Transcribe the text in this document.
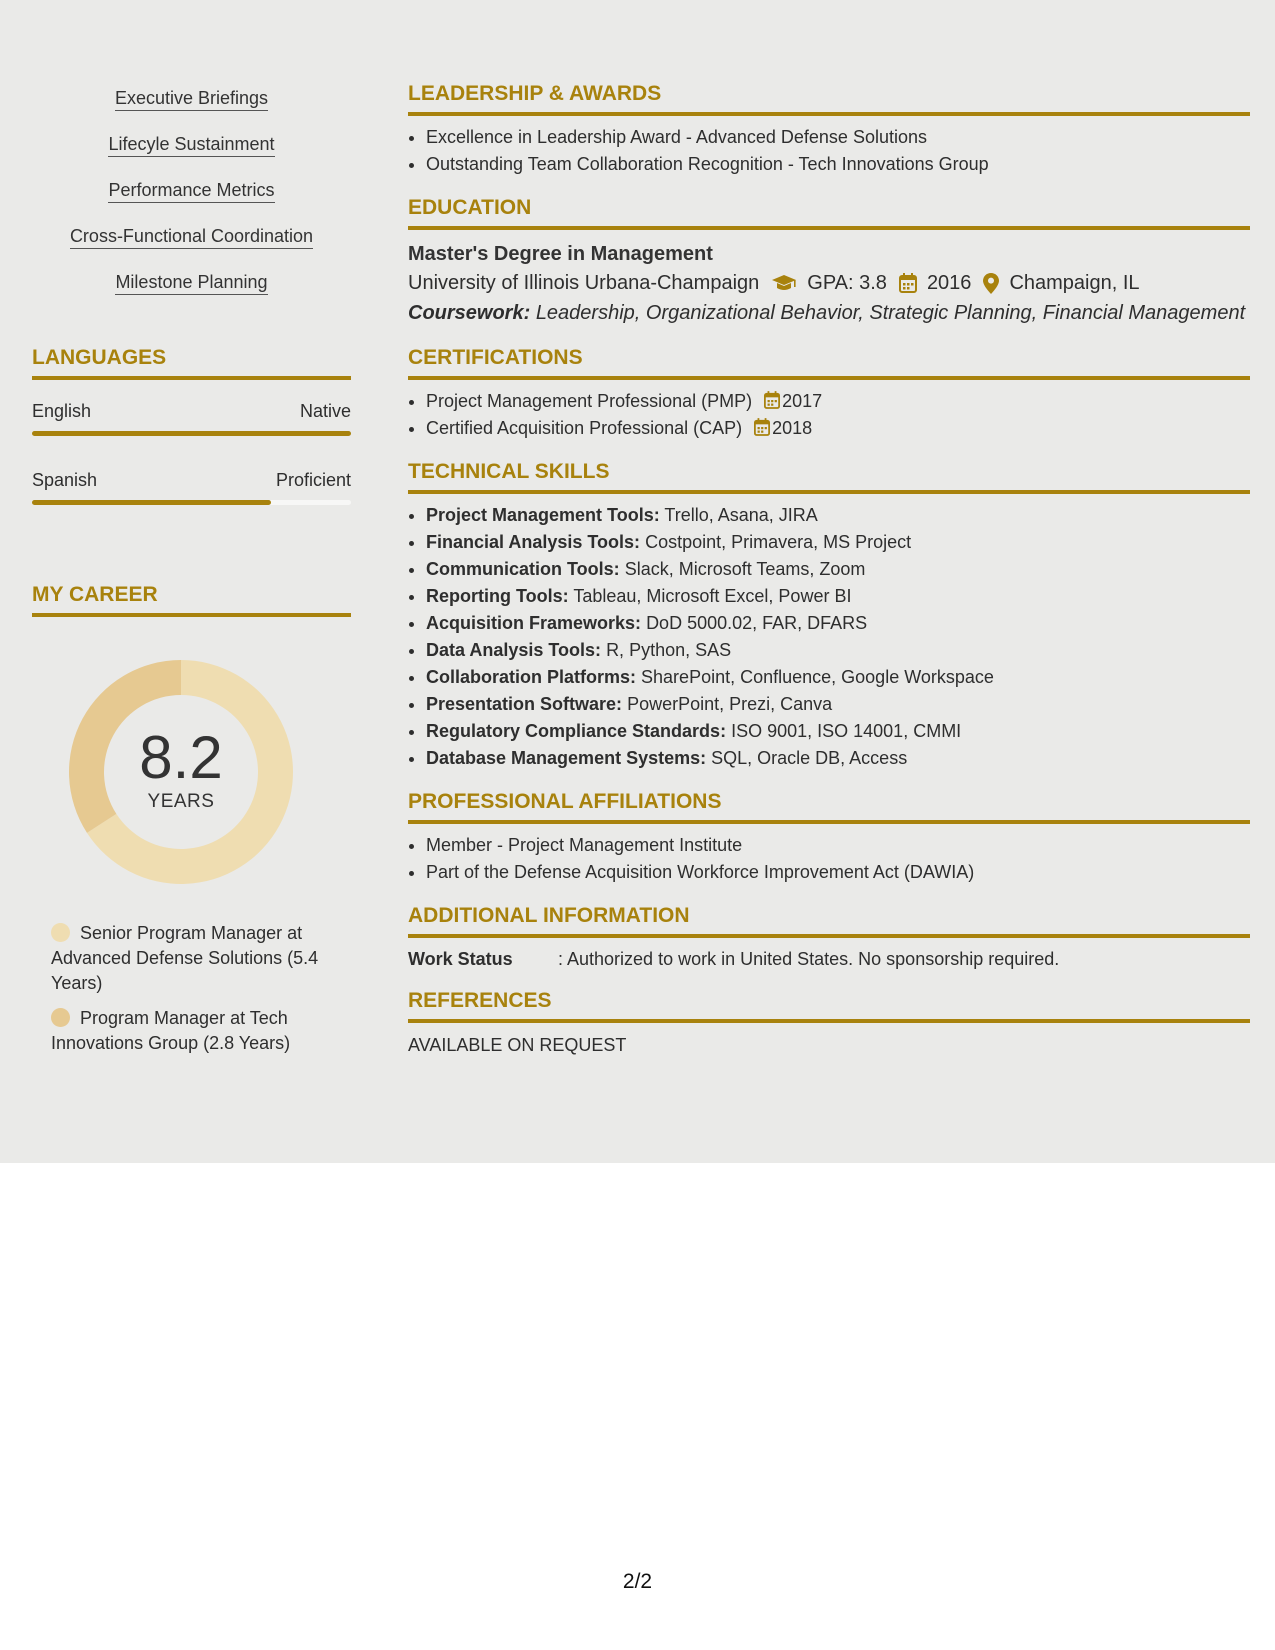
Executive Briefings
Lifecyle Sustainment
Performance Metrics
Cross-Functional Coordination
Milestone Planning
LANGUAGES
English	Native
Spanish	Proficient
MY CAREER
8.2
YEARS
Senior Program Manager at Advanced Defense Solutions (5.4 Years)
Program Manager at Tech Innovations Group (2.8 Years)
LEADERSHIP & AWARDS
• Excellence in Leadership Award - Advanced Defense Solutions
• Outstanding Team Collaboration Recognition - Tech Innovations Group
EDUCATION
Master's Degree in Management
University of Illinois Urbana-Champaign GPA: 3.8 2016 Champaign, IL
Coursework: Leadership, Organizational Behavior, Strategic Planning, Financial Management
CERTIFICATIONS
• Project Management Professional (PMP) 2017
• Certified Acquisition Professional (CAP) 2018
TECHNICAL SKILLS
• Project Management Tools: Trello, Asana, JIRA
• Financial Analysis Tools: Costpoint, Primavera, MS Project
• Communication Tools: Slack, Microsoft Teams, Zoom
• Reporting Tools: Tableau, Microsoft Excel, Power BI
• Acquisition Frameworks: DoD 5000.02, FAR, DFARS
• Data Analysis Tools: R, Python, SAS
• Collaboration Platforms: SharePoint, Confluence, Google Workspace
• Presentation Software: PowerPoint, Prezi, Canva
• Regulatory Compliance Standards: ISO 9001, ISO 14001, CMMI
• Database Management Systems: SQL, Oracle DB, Access
PROFESSIONAL AFFILIATIONS
• Member - Project Management Institute
• Part of the Defense Acquisition Workforce Improvement Act (DAWIA)
ADDITIONAL INFORMATION
Work Status	: Authorized to work in United States. No sponsorship required.
REFERENCES
AVAILABLE ON REQUEST
2/2
